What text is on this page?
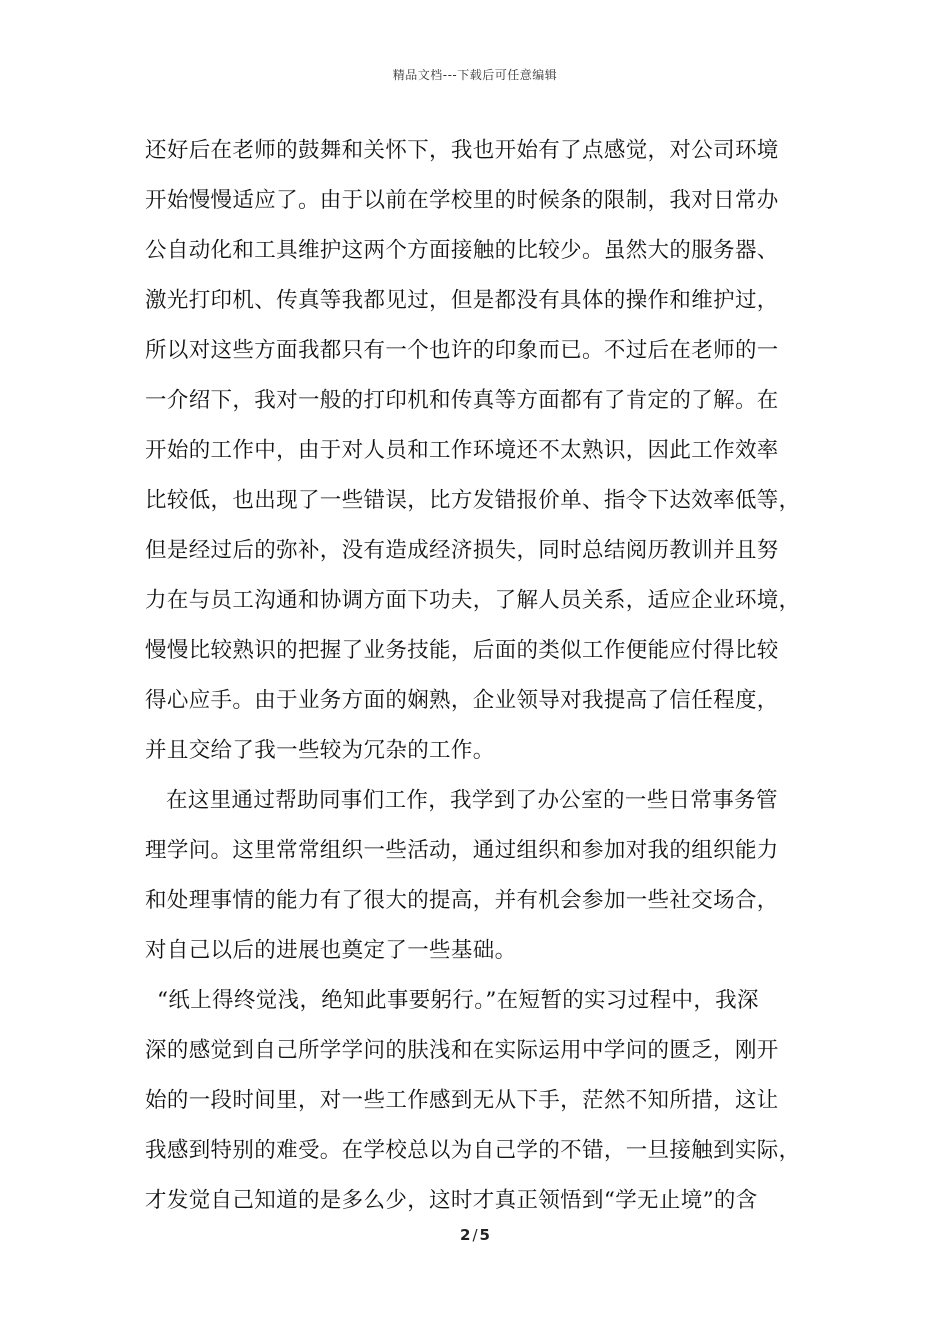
精品文档---下载后可任意编辑
还好后在老师的鼓舞和关怀下，我也开始有了点感觉，对公司环境
开始慢慢适应了。由于以前在学校里的时候条的限制，我对日常办
公自动化和工具维护这两个方面接触的比较少。虽然大的服务器、
激光打印机、传真等我都见过，但是都没有具体的操作和维护过，
所以对这些方面我都只有一个也许的印象而已。不过后在老师的一
一介绍下，我对一般的打印机和传真等方面都有了肯定的了解。在
开始的工作中，由于对人员和工作环境还不太熟识，因此工作效率
比较低，也出现了一些错误，比方发错报价单、指令下达效率低等，
但是经过后的弥补，没有造成经济损失，同时总结阅历教训并且努
力在与员工沟通和协调方面下功夫，了解人员关系，适应企业环境，
慢慢比较熟识的把握了业务技能，后面的类似工作便能应付得比较
得心应手。由于业务方面的娴熟，企业领导对我提高了信任程度，
并且交给了我一些较为冗杂的工作。
在这里通过帮助同事们工作，我学到了办公室的一些日常事务管
理学问。这里常常组织一些活动，通过组织和参加对我的组织能力
和处理事情的能力有了很大的提高，并有机会参加一些社交场合，
对自己以后的进展也奠定了一些基础。
“纸上得终觉浅，绝知此事要躬行。”在短暂的实习过程中，我深
深的感觉到自己所学学问的肤浅和在实际运用中学问的匮乏，刚开
始的一段时间里，对一些工作感到无从下手，茫然不知所措，这让
我感到特别的难受。在学校总以为自己学的不错，一旦接触到实际，
才发觉自己知道的是多么少，这时才真正领悟到“学无止境”的含
2 / 5
